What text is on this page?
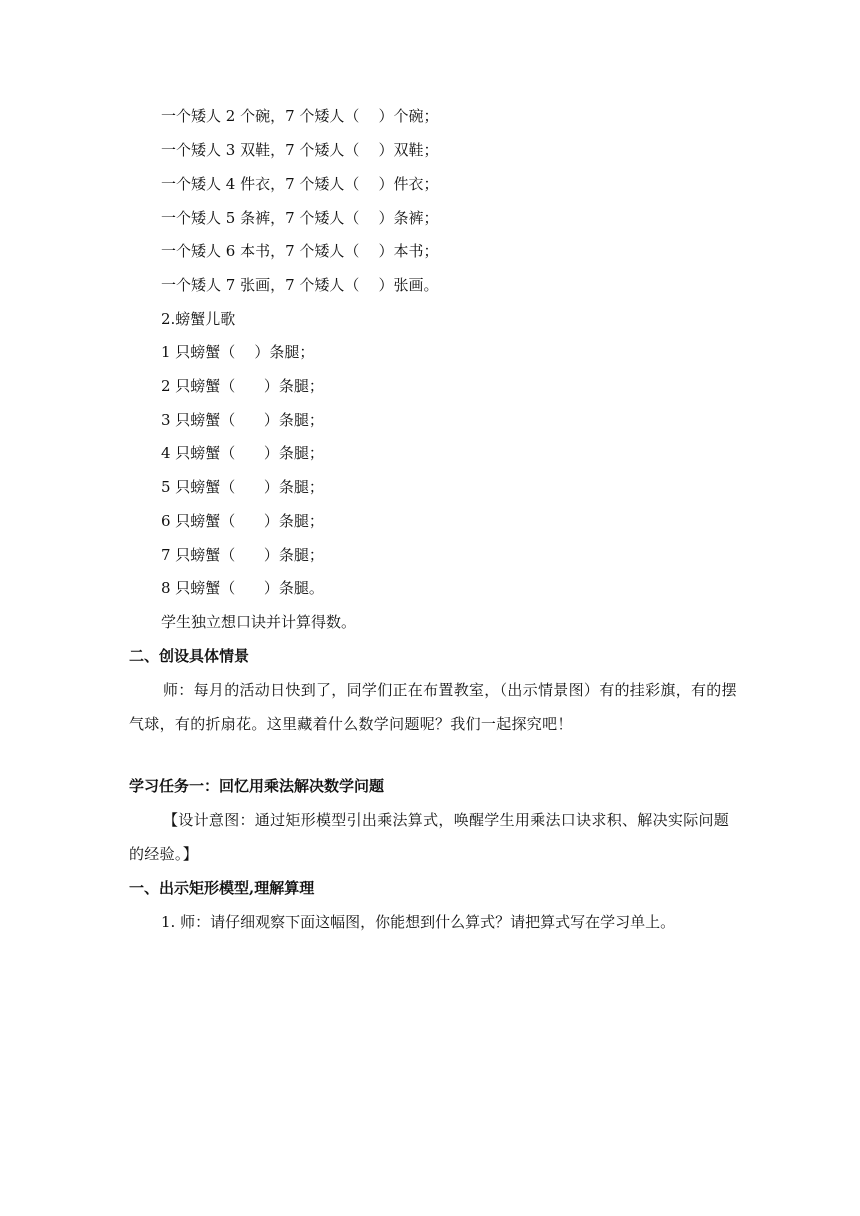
一个矮人 2 个碗，7 个矮人（    ）个碗；
一个矮人 3 双鞋，7 个矮人（    ）双鞋；
一个矮人 4 件衣，7 个矮人（    ）件衣；
一个矮人 5 条裤，7 个矮人（    ）条裤；
一个矮人 6 本书，7 个矮人（    ）本书；
一个矮人 7 张画，7 个矮人（    ）张画。
2.螃蟹儿歌
1 只螃蟹（    ）条腿；
2 只螃蟹（      ）条腿；
3 只螃蟹（      ）条腿；
4 只螃蟹（      ）条腿；
5 只螃蟹（      ）条腿；
6 只螃蟹（      ）条腿；
7 只螃蟹（      ）条腿；
8 只螃蟹（      ）条腿。
学生独立想口诀并计算得数。
二、创设具体情景
师：每月的活动日快到了，同学们正在布置教室，（出示情景图）有的挂彩旗，有的摆气球，有的折扇花。这里藏着什么数学问题呢？我们一起探究吧！
学习任务一：回忆用乘法解决数学问题
【设计意图：通过矩形模型引出乘法算式，唤醒学生用乘法口诀求积、解决实际问题的经验。】
一、出示矩形模型,理解算理
1. 师：请仔细观察下面这幅图，你能想到什么算式？请把算式写在学习单上。
